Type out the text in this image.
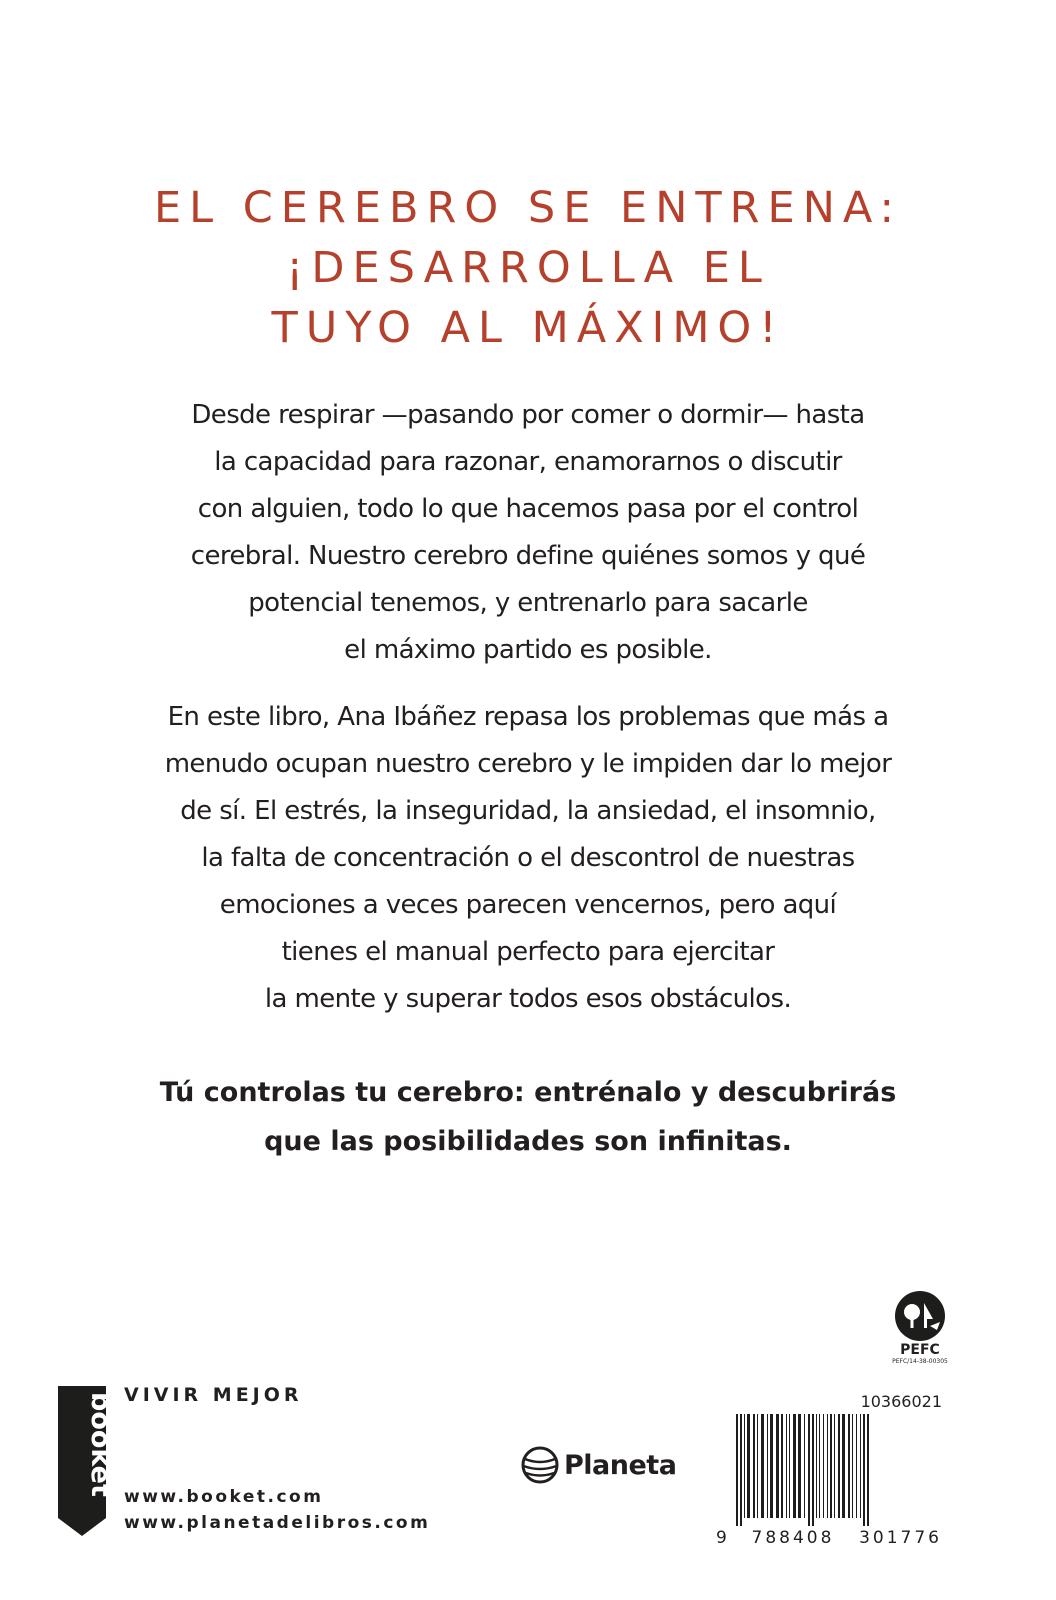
EL CEREBRO SE ENTRENA:
¡DESARROLLA EL
TUYO AL MÁXIMO!
Desde respirar —pasando por comer o dormir— hasta
la capacidad para razonar, enamorarnos o discutir
con alguien, todo lo que hacemos pasa por el control
cerebral. Nuestro cerebro define quiénes somos y qué
potencial tenemos, y entrenarlo para sacarle
el máximo partido es posible.
En este libro, Ana Ibáñez repasa los problemas que más a
menudo ocupan nuestro cerebro y le impiden dar lo mejor
de sí. El estrés, la inseguridad, la ansiedad, el insomnio,
la falta de concentración o el descontrol de nuestras
emociones a veces parecen vencernos, pero aquí
tienes el manual perfecto para ejercitar
la mente y superar todos esos obstáculos.
Tú controlas tu cerebro: entrénalo y descubrirás
que las posibilidades son infinitas.
booket VIVIR MEJOR
www.booket.com
www.planetadelibros.com
Planeta
PEFC
PEFC/14-38-00305
10366021
9 788408 301776
